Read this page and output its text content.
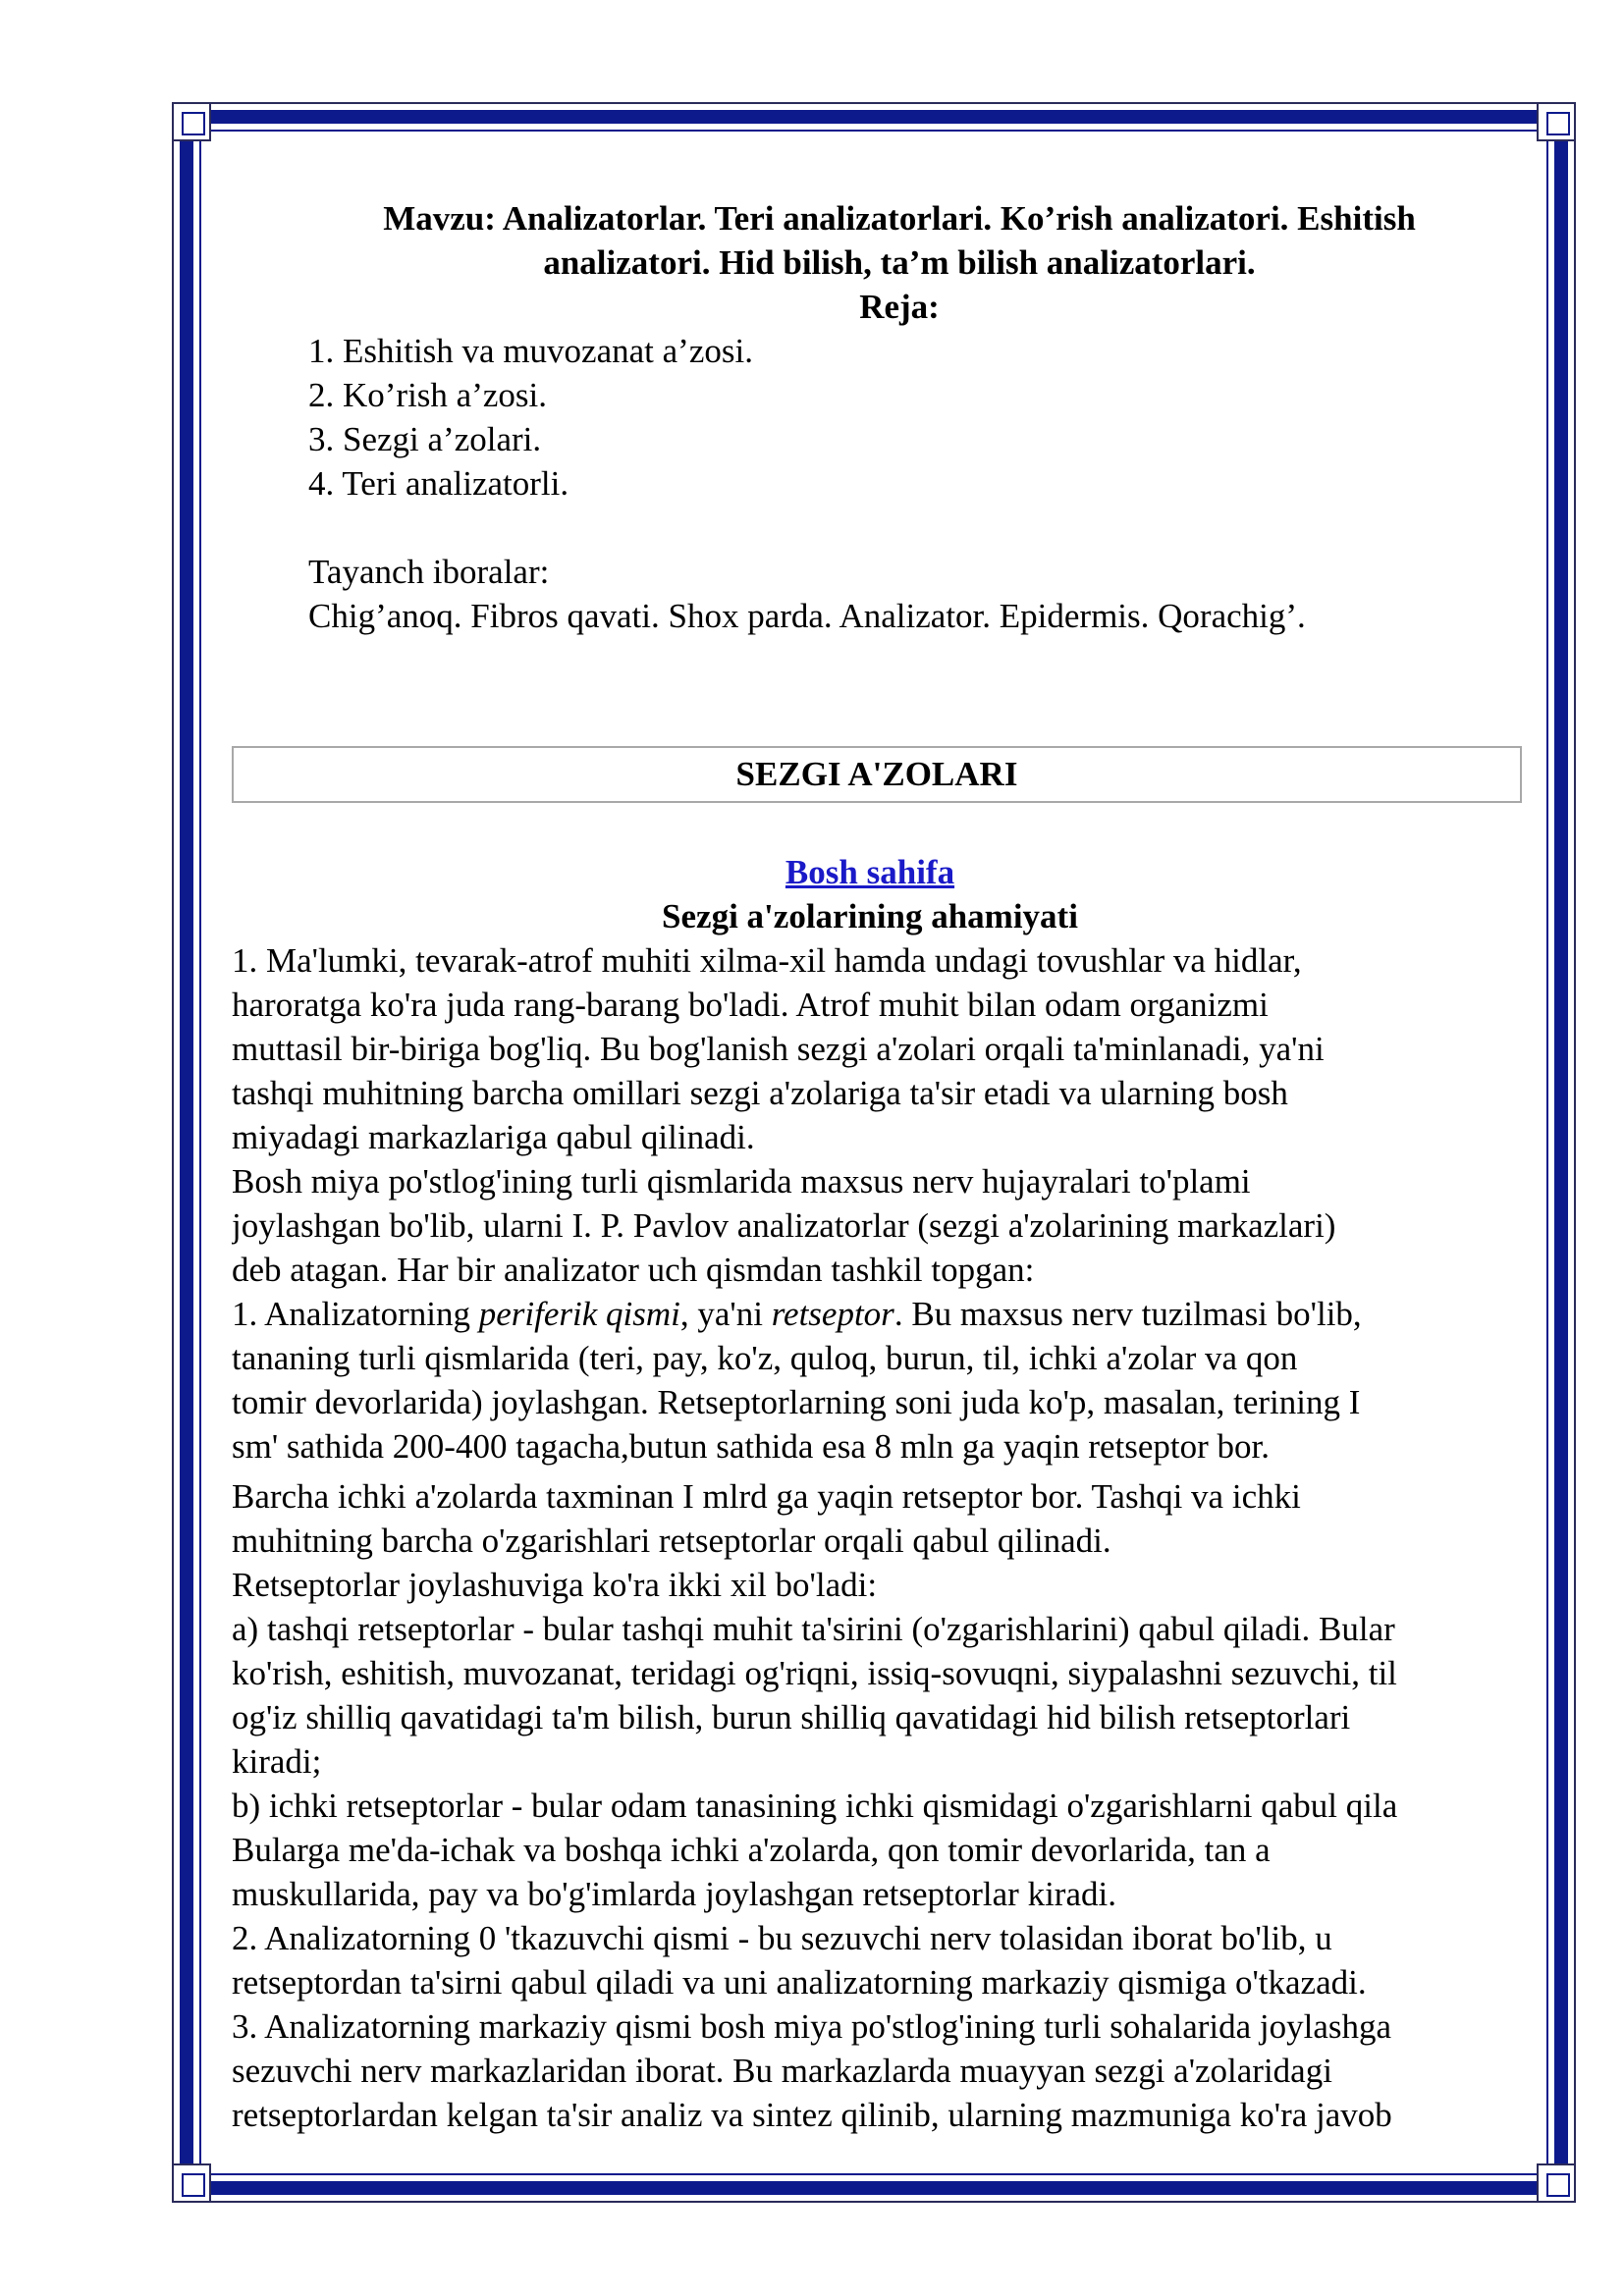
Mavzu: Analizatorlar. Teri analizatorlari. Ko’rish analizatori. Eshitish
analizatori. Hid bilish, ta’m bilish analizatorlari.
Reja:
1. Eshitish va muvozanat a’zosi.
2. Ko’rish a’zosi.
3. Sezgi a’zolari.
4. Teri analizatorli.
Tayanch iboralar:
Chig’anoq. Fibros qavati. Shox parda. Analizator. Epidermis. Qorachig’.
SEZGI A'ZOLARI
Bosh sahifa
Sezgi a'zolarining ahamiyati
1. Ma'lumki, tevarak-atrof muhiti xilma-xil hamda undagi tovushlar va hidlar,
haroratga ko'ra juda rang-barang bo'ladi. Atrof muhit bilan odam organizmi
muttasil bir-biriga bog'liq. Bu bog'lanish sezgi a'zolari orqali ta'minlanadi, ya'ni
tashqi muhitning barcha omillari sezgi a'zolariga ta'sir etadi va ularning bosh
miyadagi markazlariga qabul qilinadi.
Bosh miya po'stlog'ining turli qismlarida maxsus nerv hujayralari to'plami
joylashgan bo'lib, ularni I. P. Pavlov analizatorlar (sezgi a'zolarining markazlari)
deb atagan. Har bir analizator uch qismdan tashkil topgan:
1. Analizatorning periferik qismi, ya'ni retseptor. Bu maxsus nerv tuzilmasi bo'lib,
tananing turli qismlarida (teri, pay, ko'z, quloq, burun, til, ichki a'zolar va qon
tomir devorlarida) joylashgan. Retseptorlarning soni juda ko'p, masalan, terining I
sm' sathida 200-400 tagacha,butun sathida esa 8 mln ga yaqin retseptor bor.
Barcha ichki a'zolarda taxminan I mlrd ga yaqin retseptor bor. Tashqi va ichki
muhitning barcha o'zgarishlari retseptorlar orqali qabul qilinadi.
Retseptorlar joylashuviga ko'ra ikki xil bo'ladi:
a) tashqi retseptorlar - bular tashqi muhit ta'sirini (o'zgarishlarini) qabul qiladi. Bular
ko'rish, eshitish, muvozanat, teridagi og'riqni, issiq-sovuqni, siypalashni sezuvchi, til
og'iz shilliq qavatidagi ta'm bilish, burun shilliq qavatidagi hid bilish retseptorlari
kiradi;
b) ichki retseptorlar - bular odam tanasining ichki qismidagi o'zgarishlarni qabul qila
Bularga me'da-ichak va boshqa ichki a'zolarda, qon tomir devorlarida, tan a
muskullarida, pay va bo'g'imlarda joylashgan retseptorlar kiradi.
2. Analizatorning 0 'tkazuvchi qismi - bu sezuvchi nerv tolasidan iborat bo'lib, u
retseptordan ta'sirni qabul qiladi va uni analizatorning markaziy qismiga o'tkazadi.
3. Analizatorning markaziy qismi bosh miya po'stlog'ining turli sohalarida joylashga
sezuvchi nerv markazlaridan iborat. Bu markazlarda muayyan sezgi a'zolaridagi
retseptorlardan kelgan ta'sir analiz va sintez qilinib, ularning mazmuniga ko'ra javob
